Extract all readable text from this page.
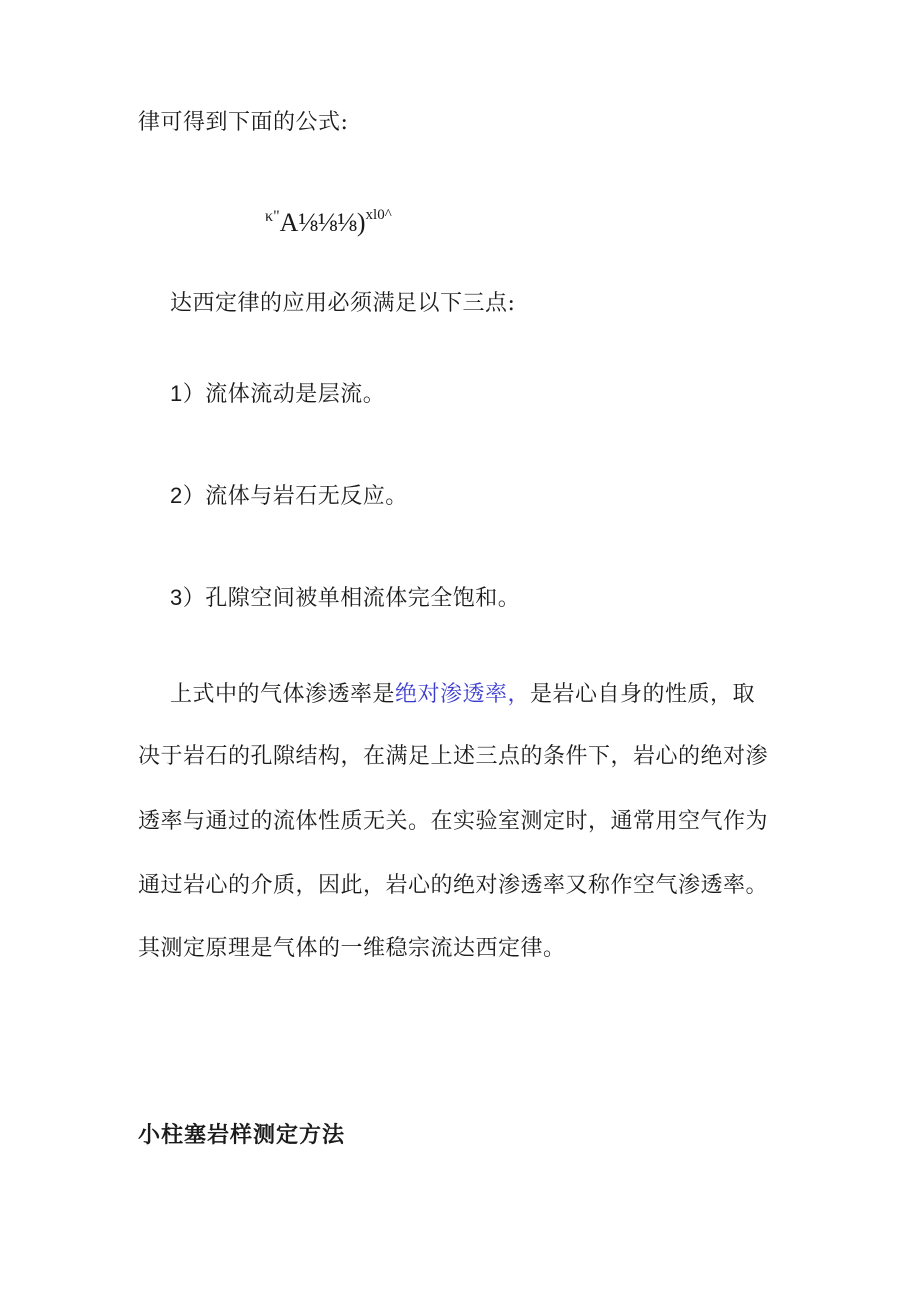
律可得到下面的公式:
$^{\kappa"}$A⅛⅛⅛)$^{xl0\^{}}$
达西定律的应用必须满足以下三点:
1）流体流动是层流。
2）流体与岩石无反应。
3）孔隙空间被单相流体完全饱和。
上式中的气体渗透率是绝对渗透率，是岩心自身的性质，取
决于岩石的孔隙结构，在满足上述三点的条件下，岩心的绝对渗
透率与通过的流体性质无关。在实验室测定时，通常用空气作为
通过岩心的介质，因此，岩心的绝对渗透率又称作空气渗透率。
其测定原理是气体的一维稳宗流达西定律。
小柱塞岩样测定方法
